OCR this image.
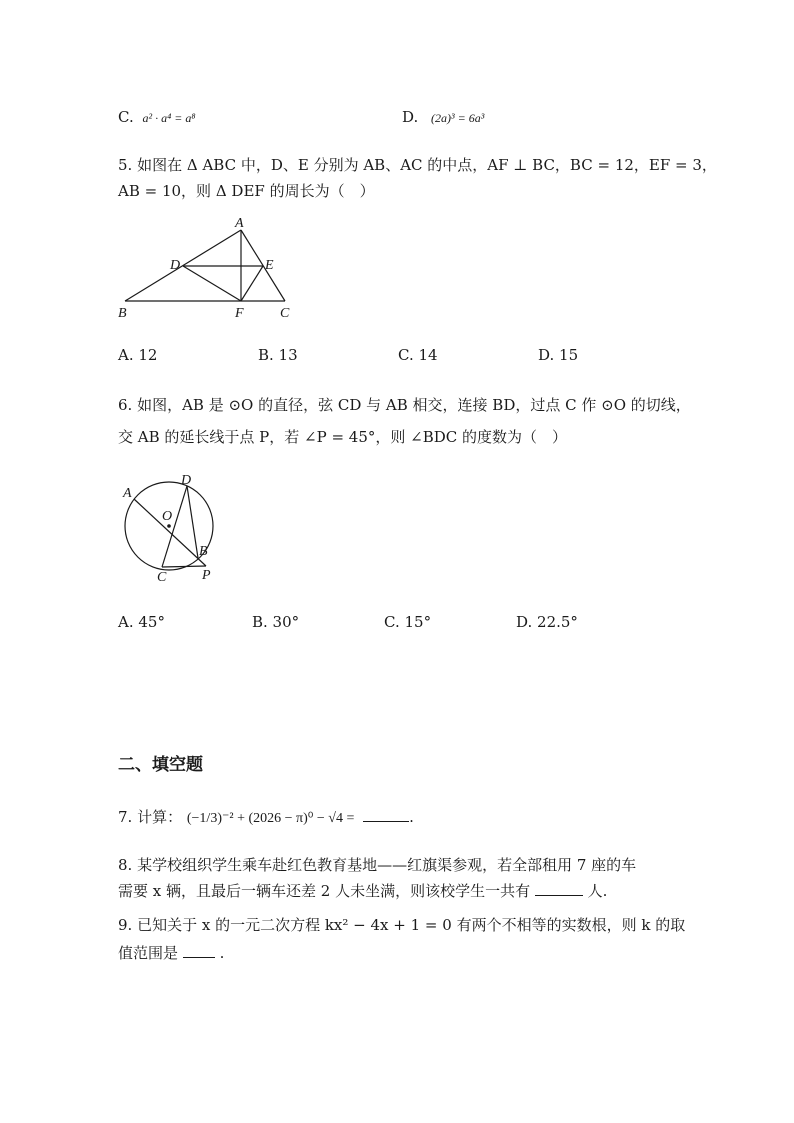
C. a² · a⁴ = a⁸	D. (2a)³ = 6a³
5. 如图在 Δ ABC 中，D、E 分别为 AB、AC 的中点，AF ⊥ BC，BC = 12，EF = 3，
AB = 10，则 Δ DEF 的周长为（　）
A
D	E
B	F	C
A. 12	B. 13	C. 14	D. 15
6. 如图，AB 是 ⊙O 的直径，弦 CD 与 AB 相交，连接 BD，过点 C 作 ⊙O 的切线，
交 AB 的延长线于点 P，若 ∠P = 45°，则 ∠BDC 的度数为（　）
A
D
O
B
C	P
A. 45°	B. 30°	C. 15°	D. 22.5°
二、填空题
7. 计算： (−1/3)⁻² + (2026 − π)⁰ − √4 =	.
8. 某学校组织学生乘车赴红色教育基地——红旗渠参观，若全部租用 7 座的车
需要 x 辆，且最后一辆车还差 2 人未坐满，则该校学生一共有	人.
9. 已知关于 x 的一元二次方程 kx² − 4x + 1 = 0 有两个不相等的实数根，则 k 的取
值范围是	.
